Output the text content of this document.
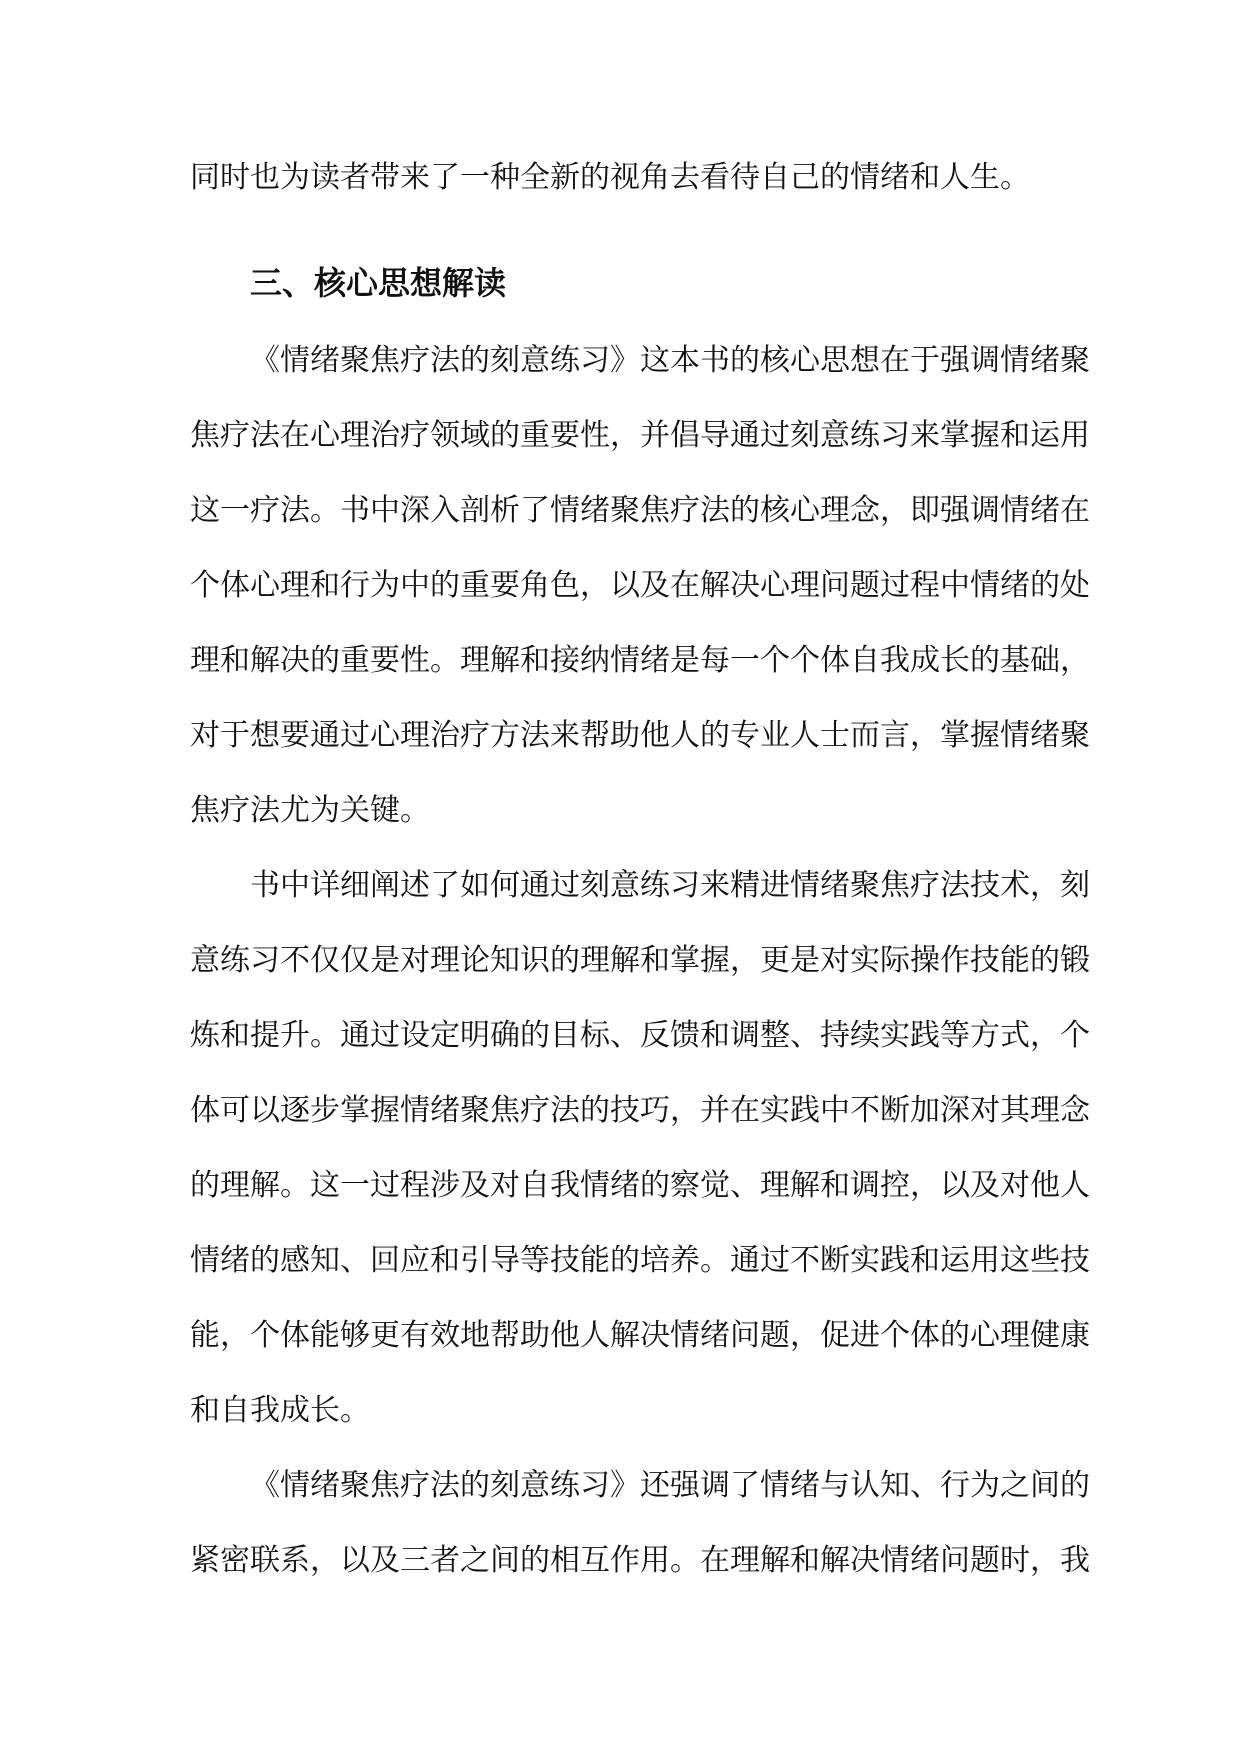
同时也为读者带来了一种全新的视角去看待自己的情绪和人生。

三、核心思想解读

《情绪聚焦疗法的刻意练习》这本书的核心思想在于强调情绪聚

焦疗法在心理治疗领域的重要性，并倡导通过刻意练习来掌握和运用

这一疗法。书中深入剖析了情绪聚焦疗法的核心理念，即强调情绪在

个体心理和行为中的重要角色，以及在解决心理问题过程中情绪的处

理和解决的重要性。理解和接纳情绪是每一个个体自我成长的基础，

对于想要通过心理治疗方法来帮助他人的专业人士而言，掌握情绪聚

焦疗法尤为关键。

书中详细阐述了如何通过刻意练习来精进情绪聚焦疗法技术，刻

意练习不仅仅是对理论知识的理解和掌握，更是对实际操作技能的锻

炼和提升。通过设定明确的目标、反馈和调整、持续实践等方式，个

体可以逐步掌握情绪聚焦疗法的技巧，并在实践中不断加深对其理念

的理解。这一过程涉及对自我情绪的察觉、理解和调控，以及对他人

情绪的感知、回应和引导等技能的培养。通过不断实践和运用这些技

能，个体能够更有效地帮助他人解决情绪问题，促进个体的心理健康

和自我成长。

《情绪聚焦疗法的刻意练习》还强调了情绪与认知、行为之间的

紧密联系，以及三者之间的相互作用。在理解和解决情绪问题时，我
